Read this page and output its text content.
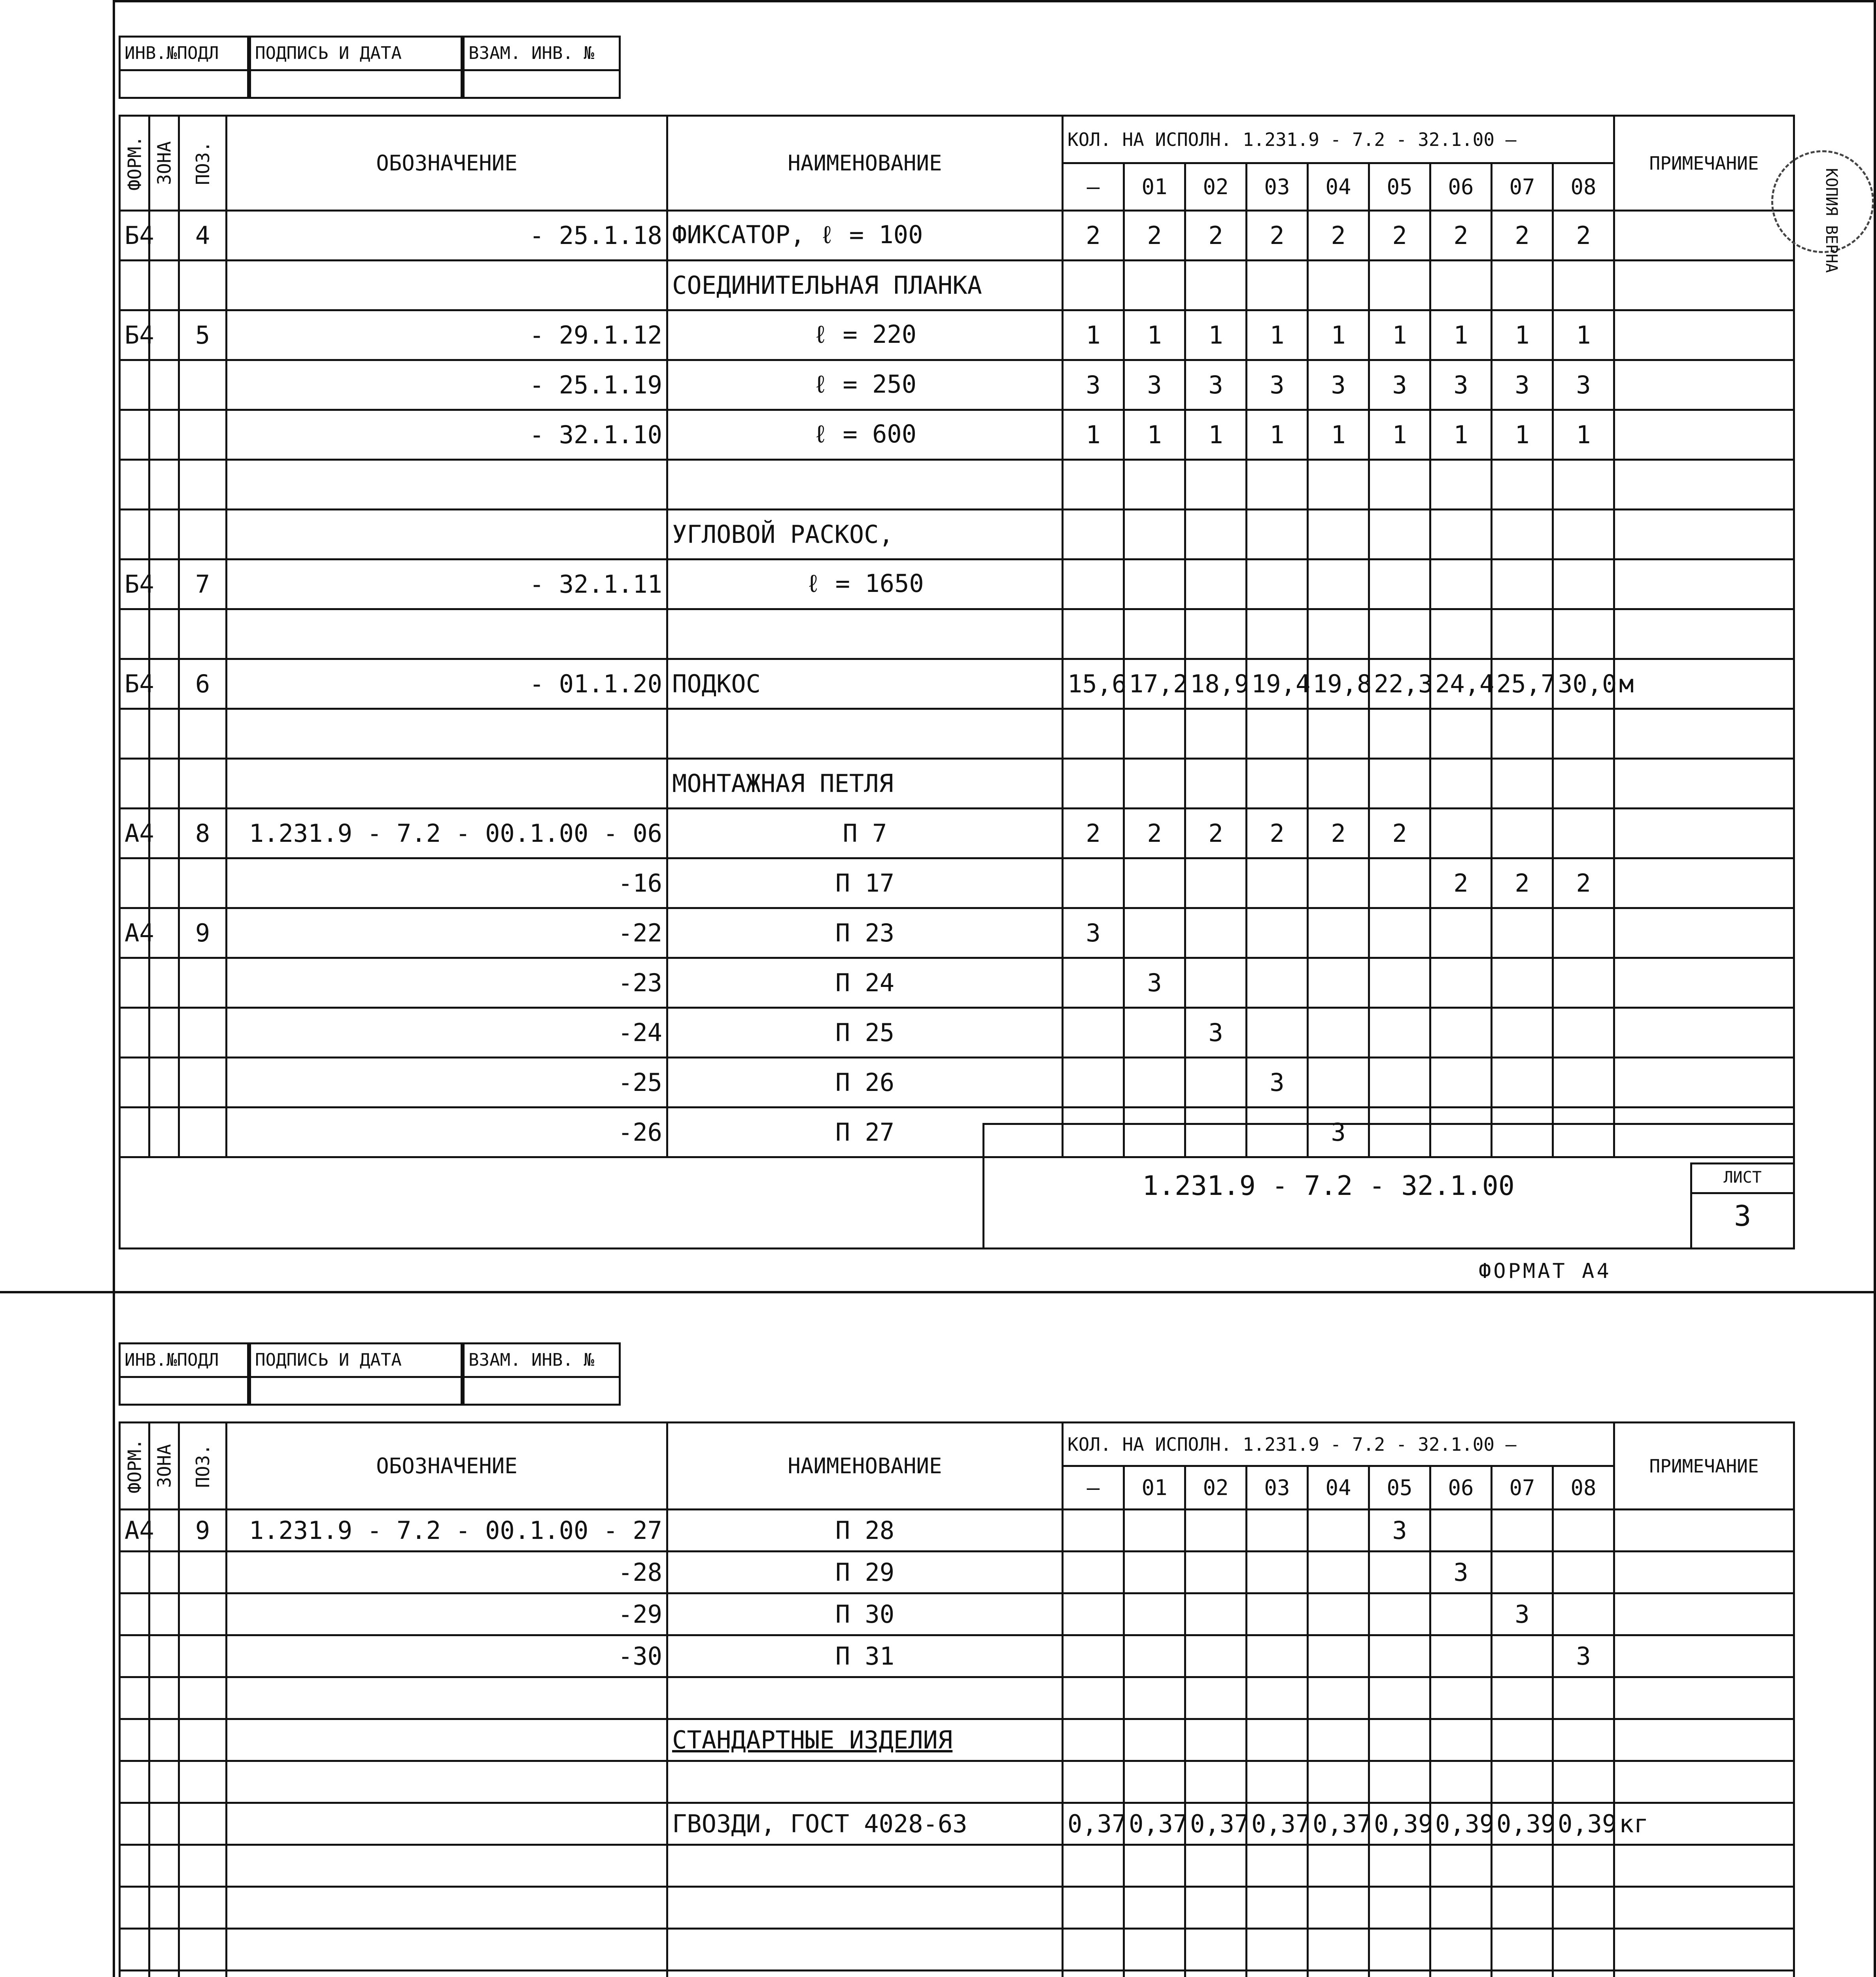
ИНВ.№ПОДЛ	ПОДПИСЬ И ДАТА	ВЗАМ. ИНВ. №
ФОРМ.	ЗОНА	ПОЗ.	ОБОЗНАЧЕНИЕ	НАИМЕНОВАНИЕ	КОЛ. НА ИСПОЛН. 1.231.9 - 7.2 - 32.1.00 —									ПРИМЕЧАНИЕ
					—	01	02	03	04	05	06	07	08	
Б4		4	- 25.1.18	ФИКСАТОР, ℓ = 100	2	2	2	2	2	2	2	2	2	
				СОЕДИНИТЕЛЬНАЯ ПЛАНКА										
Б4		5	- 29.1.12	ℓ = 220	1	1	1	1	1	1	1	1	1	
			- 25.1.19	ℓ = 250	3	3	3	3	3	3	3	3	3	
			- 32.1.10	ℓ = 600	1	1	1	1	1	1	1	1	1	

				УГЛОВОЙ РАСКОС,										
Б4		7	- 32.1.11	ℓ = 1650										

Б4		6	- 01.1.20	ПОДКОС	15,6	17,2	18,9	19,4	19,8	22,3	24,4	25,7	30,0	м

				МОНТАЖНАЯ ПЕТЛЯ										
А4		8	1.231.9 - 7.2 - 00.1.00 - 06	П 7	2	2	2	2	2	2				
			-16	П 17							2	2	2	
А4		9	-22	П 23	3									
			-23	П 24		3								
			-24	П 25			3							
			-25	П 26				3						
			-26	П 27					3					
1.231.9 - 7.2 - 32.1.00	ЛИСТ
3
ФОРМАТ А4
ИНВ.№ПОДЛ	ПОДПИСЬ И ДАТА	ВЗАМ. ИНВ. №
ФОРМ.	ЗОНА	ПОЗ.	ОБОЗНАЧЕНИЕ	НАИМЕНОВАНИЕ	КОЛ. НА ИСПОЛН. 1.231.9 - 7.2 - 32.1.00 —									ПРИМЕЧАНИЕ
					—	01	02	03	04	05	06	07	08	
А4		9	1.231.9 - 7.2 - 00.1.00 - 27	П 28						3				
			-28	П 29							3			
			-29	П 30								3		
			-30	П 31									3	

				СТАНДАРТНЫЕ ИЗДЕЛИЯ										

				ГВОЗДИ, ГОСТ 4028-63	0,37	0,37	0,37	0,37	0,37	0,39	0,39	0,39	0,39	кг

КОПИЯ ВЕРНА
